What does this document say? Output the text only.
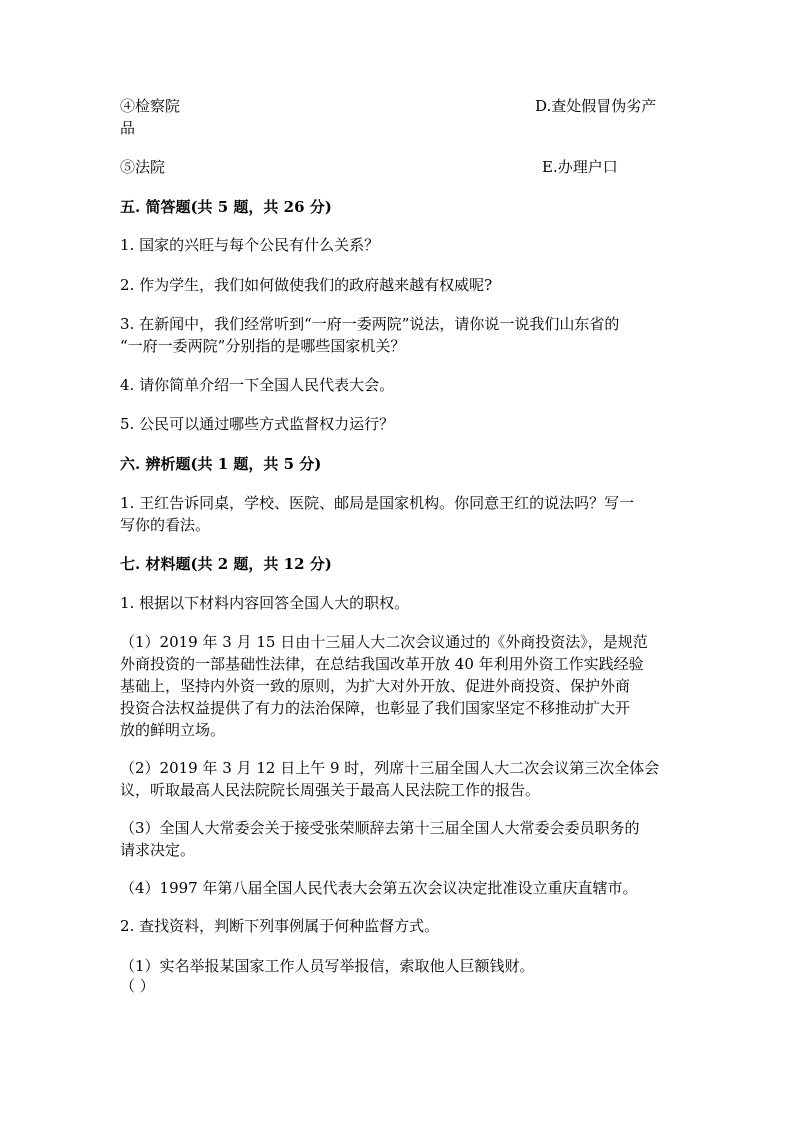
④检察院	D.查处假冒伪劣产
品
⑤法院	E.办理户口
五. 简答题(共 5 题，共 26 分)
1. 国家的兴旺与每个公民有什么关系？
2. 作为学生，我们如何做使我们的政府越来越有权威呢?
3. 在新闻中，我们经常听到“一府一委两院”说法，请你说一说我们山东省的
“一府一委两院”分别指的是哪些国家机关？
4. 请你简单介绍一下全国人民代表大会。
5. 公民可以通过哪些方式监督权力运行？
六. 辨析题(共 1 题，共 5 分)
1. 王红告诉同桌，学校、医院、邮局是国家机构。你同意王红的说法吗？写一
写你的看法。
七. 材料题(共 2 题，共 12 分)
1. 根据以下材料内容回答全国人大的职权。
（1）2019 年 3 月 15 日由十三届人大二次会议通过的《外商投资法》，是规范
外商投资的一部基础性法律，在总结我国改革开放 40 年利用外资工作实践经验
基础上，坚持内外资一致的原则，为扩大对外开放、促进外商投资、保护外商
投资合法权益提供了有力的法治保障，也彰显了我们国家坚定不移推动扩大开
放的鲜明立场。
（2）2019 年 3 月 12 日上午 9 时，列席十三届全国人大二次会议第三次全体会
议，听取最高人民法院院长周强关于最高人民法院工作的报告。
（3）全国人大常委会关于接受张荣顺辞去第十三届全国人大常委会委员职务的
请求决定。
（4）1997 年第八届全国人民代表大会第五次会议决定批准设立重庆直辖市。
2. 查找资料，判断下列事例属于何种监督方式。
（1）实名举报某国家工作人员写举报信，索取他人巨额钱财。
（ ）
